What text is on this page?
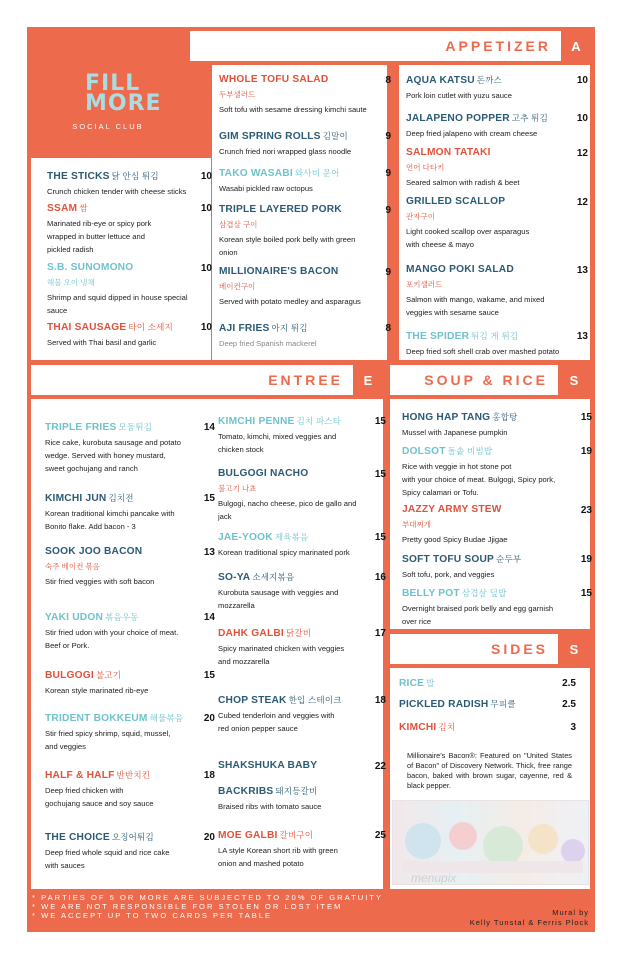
FILL MORE
SOCIAL CLUB
APPETIZER	A
ENTREE	E	SOUP & RICE	S
SIDES	S
THE STICKS 닭 안심 튀김
Crunch chicken tender with cheese sticks
10
SSAM 쌈
Marinated rib-eye or spicy pork
wrapped in butter lettuce and
pickled radish
10
S.B. SUNOMONO
해물 오이 냉채
Shrimp and squid dipped in house special
sauce
10
THAI SAUSAGE 타이 소세지
Served with Thai basil and garlic
10
WHOLE TOFU SALAD
두부샐러드
Soft tofu with sesame dressing kimchi saute
8
GIM SPRING ROLLS 김말이
Crunch fried nori wrapped glass noodle
9
TAKO WASABI 와사비 문어
Wasabi pickled raw octopus
9
TRIPLE LAYERED PORK
삼겹살 구이
Korean style boiled pork belly with green
onion
9
MILLIONAIRE'S BACON
베이컨구이
Served with potato medley and asparagus
9
AJI FRIES 아지 튀김
Deep fried Spanish mackerel
8
AQUA KATSU 돈까스
Pork loin cutlet with yuzu sauce
10
JALAPENO POPPER 고추 튀김
Deep fried jalapeno with cream cheese
10
SALMON TATAKI
연어 다타키
Seared salmon with radish & beet
12
GRILLED SCALLOP
관자구이
Light cooked scallop over asparagus
with cheese & mayo
12
MANGO POKI SALAD
포키샐러드
Salmon with mango, wakame, and mixed
veggies with sesame sauce
13
THE SPIDER 튀김 게 튀김
Deep fried soft shell crab over mashed potato
13
TRIPLE FRIES 모둠튀김
Rice cake, kurobuta sausage and potato
wedge. Served with honey mustard,
sweet gochujang and ranch
14
KIMCHI JUN 김치전
Korean traditional kimchi pancake with
Bonito flake. Add bacon - 3
15
SOOK JOO BACON
숙주 베이컨 볶음
Stir fried veggies with soft bacon
13
YAKI UDON 볶음우동
Stir fried udon with your choice of meat.
Beef or Pork.
14
BULGOGI 불고기
Korean style marinated rib-eye
15
TRIDENT BOKKEUM 해물볶음
Stir fried spicy shrimp, squid, mussel,
and veggies
20
HALF & HALF 반반치킨
Deep fried chicken with
gochujang sauce and soy sauce
18
THE CHOICE 오징어튀김
Deep fried whole squid and rice cake
with sauces
20
KIMCHI PENNE 김치 파스타
Tomato, kimchi, mixed veggies and
chicken stock
15
BULGOGI NACHO
불고기 나쵸
Bulgogi, nacho cheese, pico de gallo and
jack
15
JAE-YOOK 제육볶음
Korean traditional spicy marinated pork
15
SO-YA 소세지볶음
Kurobuta sausage with veggies and
mozzarella
16
DAHK GALBI 닭갈비
Spicy marinated chicken with veggies
and mozzarella
17
CHOP STEAK 한입 스테이크
Cubed tenderloin and veggies with
red onion pepper sauce
18
SHAKSHUKA BABY	22
BACKRIBS 돼지등갈비
Braised ribs with tomato sauce
MOE GALBI 갈비구이
LA style Korean short rib with green
onion and mashed potato
25
HONG HAP TANG 홍합탕
Mussel with Japanese pumpkin
15
DOLSOT 돌솥 비빔밥
Rice with veggie in hot stone pot
with your choice of meat. Bulgogi, Spicy pork,
Spicy calamari or Tofu.
19
JAZZY ARMY STEW
부대찌개
Pretty good Spicy Budae Jjigae
23
SOFT TOFU SOUP 순두부
Soft tofu, pork, and veggies
19
BELLY POT 삼겹살 덮밥
Overnight braised pork belly and egg garnish
over rice
15
RICE 밥	2.5
PICKLED RADISH 무피클	2.5
KIMCHI 김치	3
Millionaire's Bacon®: Featured on "United States of Bacon" of Discovery Network. Thick, free range bacon, baked with brown sugar, cayenne, red & black pepper.
menupix
* PARTIES OF 5 OR MORE ARE SUBJECTED TO 20% OF GRATUITY
* WE ARE NOT RESPONSIBLE FOR STOLEN OR LOST ITEM
* WE ACCEPT UP TO TWO CARDS PER TABLE	Mural by
Kelly Tunstal & Ferris Plock
